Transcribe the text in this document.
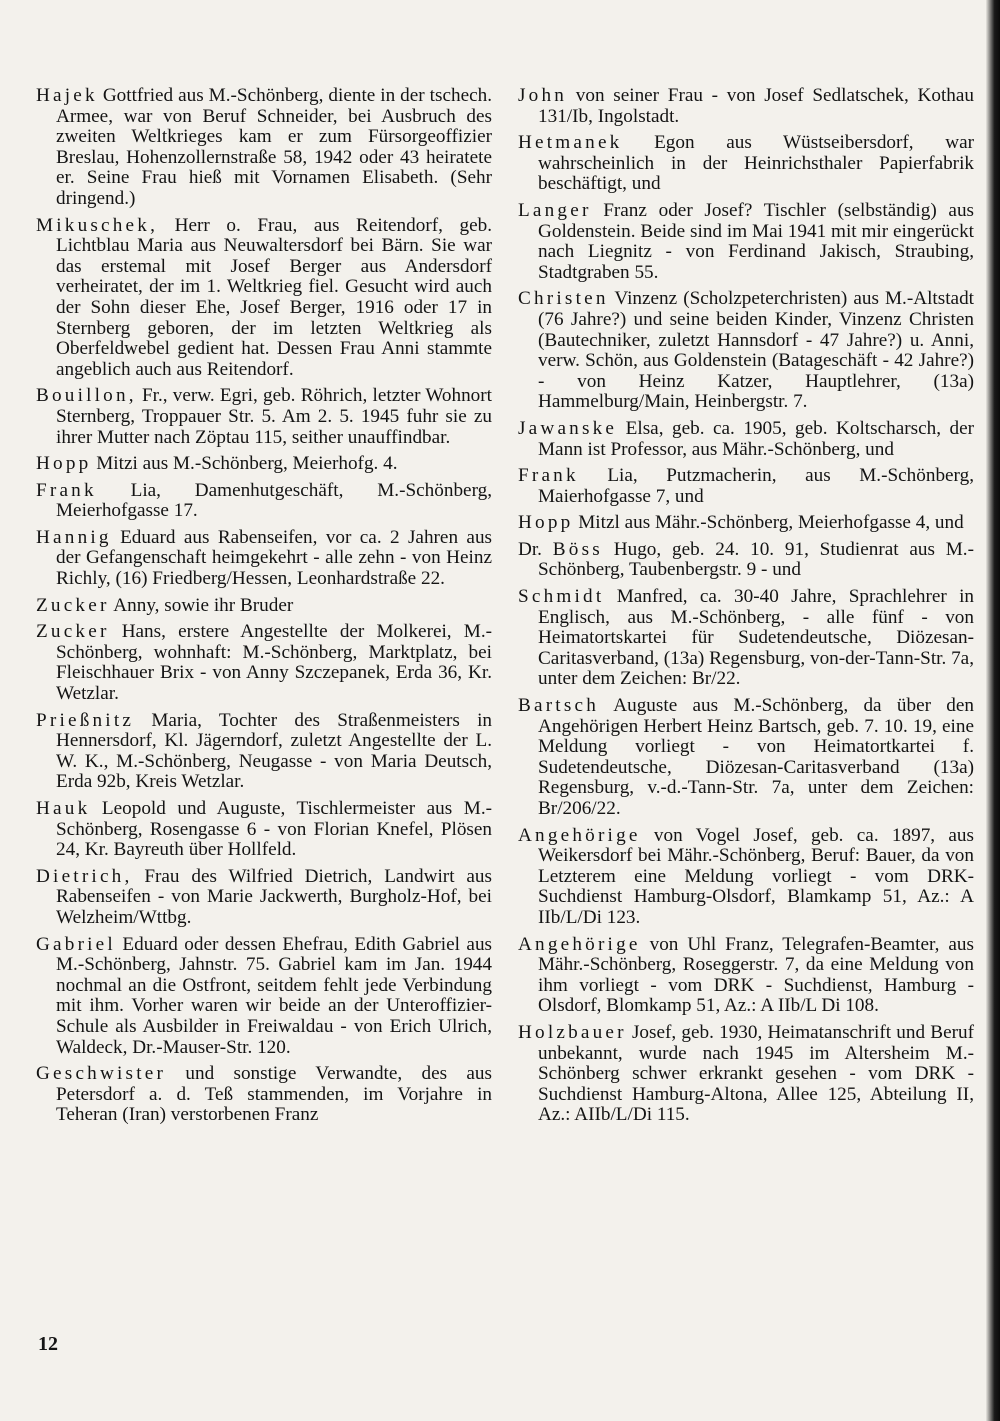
Hajek Gottfried aus M.-Schönberg, diente in der tschech. Armee, war von Beruf Schneider, bei Ausbruch des zweiten Weltkrieges kam er zum Fürsorgeoffizier Breslau, Hohenzollernstraße 58, 1942 oder 43 heiratete er. Seine Frau hieß mit Vornamen Elisabeth. (Sehr dringend.)

Mikuschek, Herr o. Frau, aus Reitendorf, geb. Lichtblau Maria aus Neuwaltersdorf bei Bärn. Sie war das erstemal mit Josef Berger aus Andersdorf verheiratet, der im 1. Weltkrieg fiel. Gesucht wird auch der Sohn dieser Ehe, Josef Berger, 1916 oder 17 in Sternberg geboren, der im letzten Weltkrieg als Oberfeldwebel gedient hat. Dessen Frau Anni stammte angeblich auch aus Reitendorf.

Bouillon, Fr., verw. Egri, geb. Röhrich, letzter Wohnort Sternberg, Troppauer Str. 5. Am 2. 5. 1945 fuhr sie zu ihrer Mutter nach Zöptau 115, seither unauffindbar.

Hopp Mitzi aus M.-Schönberg, Meierhofg. 4.

Frank Lia, Damenhutgeschäft, M.-Schönberg, Meierhofgasse 17.

Hannig Eduard aus Rabenseifen, vor ca. 2 Jahren aus der Gefangenschaft heimgekehrt - alle zehn - von Heinz Richly, (16) Friedberg/Hessen, Leonhardstraße 22.

Zucker Anny, sowie ihr Bruder

Zucker Hans, erstere Angestellte der Molkerei, M.-Schönberg, wohnhaft: M.-Schönberg, Marktplatz, bei Fleischhauer Brix - von Anny Szczepanek, Erda 36, Kr. Wetzlar.

Prießnitz Maria, Tochter des Straßenmeisters in Hennersdorf, Kl. Jägerndorf, zuletzt Angestellte der L. W. K., M.-Schönberg, Neugasse - von Maria Deutsch, Erda 92b, Kreis Wetzlar.

Hauk Leopold und Auguste, Tischlermeister aus M.-Schönberg, Rosengasse 6 - von Florian Knefel, Plösen 24, Kr. Bayreuth über Hollfeld.

Dietrich, Frau des Wilfried Dietrich, Landwirt aus Rabenseifen - von Marie Jackwerth, Burgholz-Hof, bei Welzheim/Wttbg.

Gabriel Eduard oder dessen Ehefrau, Edith Gabriel aus M.-Schönberg, Jahnstr. 75. Gabriel kam im Jan. 1944 nochmal an die Ostfront, seitdem fehlt jede Verbindung mit ihm. Vorher waren wir beide an der Unteroffizier-Schule als Ausbilder in Freiwaldau - von Erich Ulrich, Waldeck, Dr.-Mauser-Str. 120.

Geschwister und sonstige Verwandte, des aus Petersdorf a. d. Teß stammenden, im Vorjahre in Teheran (Iran) verstorbenen Franz

John von seiner Frau - von Josef Sedlatschek, Kothau 131/Ib, Ingolstadt.

Hetmanek Egon aus Wüstseibersdorf, war wahrscheinlich in der Heinrichsthaler Papierfabrik beschäftigt, und

Langer Franz oder Josef? Tischler (selbständig) aus Goldenstein. Beide sind im Mai 1941 mit mir eingerückt nach Liegnitz - von Ferdinand Jakisch, Straubing, Stadtgraben 55.

Christen Vinzenz (Scholzpeterchristen) aus M.-Altstadt (76 Jahre?) und seine beiden Kinder, Vinzenz Christen (Bautechniker, zuletzt Hannsdorf - 47 Jahre?) u. Anni, verw. Schön, aus Goldenstein (Batageschäft - 42 Jahre?) - von Heinz Katzer, Hauptlehrer, (13a) Hammelburg/Main, Heinbergstr. 7.

Jawanske Elsa, geb. ca. 1905, geb. Koltscharsch, der Mann ist Professor, aus Mähr.-Schönberg, und

Frank Lia, Putzmacherin, aus M.-Schönberg, Maierhofgasse 7, und

Hopp Mitzl aus Mähr.-Schönberg, Meierhofgasse 4, und

Dr. Böss Hugo, geb. 24. 10. 91, Studienrat aus M.-Schönberg, Taubenbergstr. 9 - und

Schmidt Manfred, ca. 30-40 Jahre, Sprachlehrer in Englisch, aus M.-Schönberg, - alle fünf - von Heimatortskartei für Sudetendeutsche, Diözesan-Caritasverband, (13a) Regensburg, von-der-Tann-Str. 7a, unter dem Zeichen: Br/22.

Bartsch Auguste aus M.-Schönberg, da über den Angehörigen Herbert Heinz Bartsch, geb. 7. 10. 19, eine Meldung vorliegt - von Heimatortkartei f. Sudetendeutsche, Diözesan-Caritasverband (13a) Regensburg, v.-d.-Tann-Str. 7a, unter dem Zeichen: Br/206/22.

Angehörige von Vogel Josef, geb. ca. 1897, aus Weikersdorf bei Mähr.-Schönberg, Beruf: Bauer, da von Letzterem eine Meldung vorliegt - vom DRK-Suchdienst Hamburg-Olsdorf, Blamkamp 51, Az.: A IIb/L/Di 123.

Angehörige von Uhl Franz, Telegrafen-Beamter, aus Mähr.-Schönberg, Roseggerstr. 7, da eine Meldung von ihm vorliegt - vom DRK - Suchdienst, Hamburg - Olsdorf, Blomkamp 51, Az.: A IIb/L Di 108.

Holzbauer Josef, geb. 1930, Heimatanschrift und Beruf unbekannt, wurde nach 1945 im Altersheim M.-Schönberg schwer erkrankt gesehen - vom DRK - Suchdienst Hamburg-Altona, Allee 125, Abteilung II, Az.: AIIb/L/Di 115.

12
